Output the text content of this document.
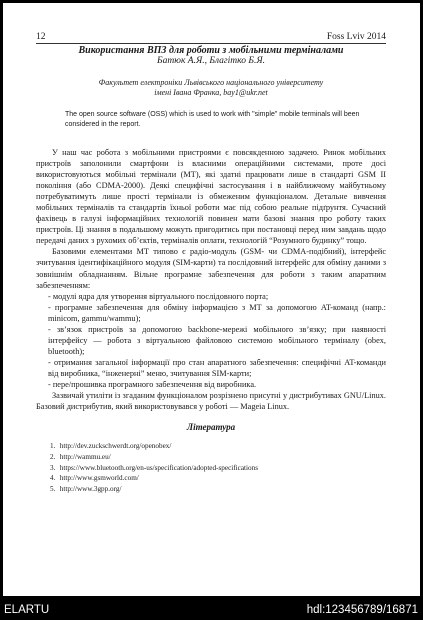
12	Foss Lviv 2014
Використання ВПЗ для роботи з мобільними терміналами
Батюк А.Я., Благітко Б.Я.
Факультет електроніки Львівського національного університету
імені Івана Франка, bay1@ukr.net
The open source software (OSS) which is used to work with "simple" mobile terminals will been considered in the report.

У наш час робота з мобільними пристроями є повсякденною задачею. Ринок мобільних пристроїв заполонили смартфони із власними операційними системами, проте досі використовуються мобільні термінали (МТ), які здатні працювати лише в стандарті GSM II покоління (або CDMA-2000). Деякі специфічні застосування і в найближчому майбутньому потребуватимуть лише прості термінали із обмеженим функціоналом. Детальне вивчення мобільних терміналів та стандартів їхньої роботи має під собою реальне підґрунтя. Сучасний фахівець в галузі інформаційних технологій повинен мати базові знання про роботу таких пристроїв. Ці знання в подальшому можуть пригодитись при постановці перед ним завдань щодо передачі даних з рухомих об’єктів, терміналів оплати, технологій “Розумного будинку” тощо.

Базовими елементами МТ типово є радіо-модуль (GSM- чи CDMA-подібний), інтерфейс зчитування ідентифікаційного модуля (SIM-карти) та послідовний інтерфейс для обміну даними з зовнішнім обладнанням. Вільне програмне забезпечення для роботи з таким апаратним забезпеченням:

- модулі ядра для утворення віртуального послідовного порта;

- програмне забезпечення для обміну інформацією з МТ за допомогою AT-команд (напр.: minicom, gammu/wammu);

- зв’язок пристроїв за допомогою backbone-мережі мобільного зв’язку; при наявності інтерфейсу — робота з віртуальною файловою системою мобільного терміналу (obex, bluetooth);

- отримання загальної інформації про стан апаратного забезпечення: специфічні AT-команди від виробника, “інженерні” меню, зчитування SIM-карти;

- пере/прошивка програмного забезпечення від виробника.

Зазвичай утиліти із згаданим функціоналом розрізнено присутні у дистрибутивах GNU/Linux. Базовий дистрибутив, який використовувався у роботі — Mageia Linux.

Література
1. http://dev.zuckschwerdt.org/openobex/
2. http://wammu.eu/
3. https://www.bluetooth.org/en-us/specification/adopted-specifications
4. http://www.gsmworld.com/
5. http://www.3gpp.org/
ELARTU	hdl:123456789/16871
